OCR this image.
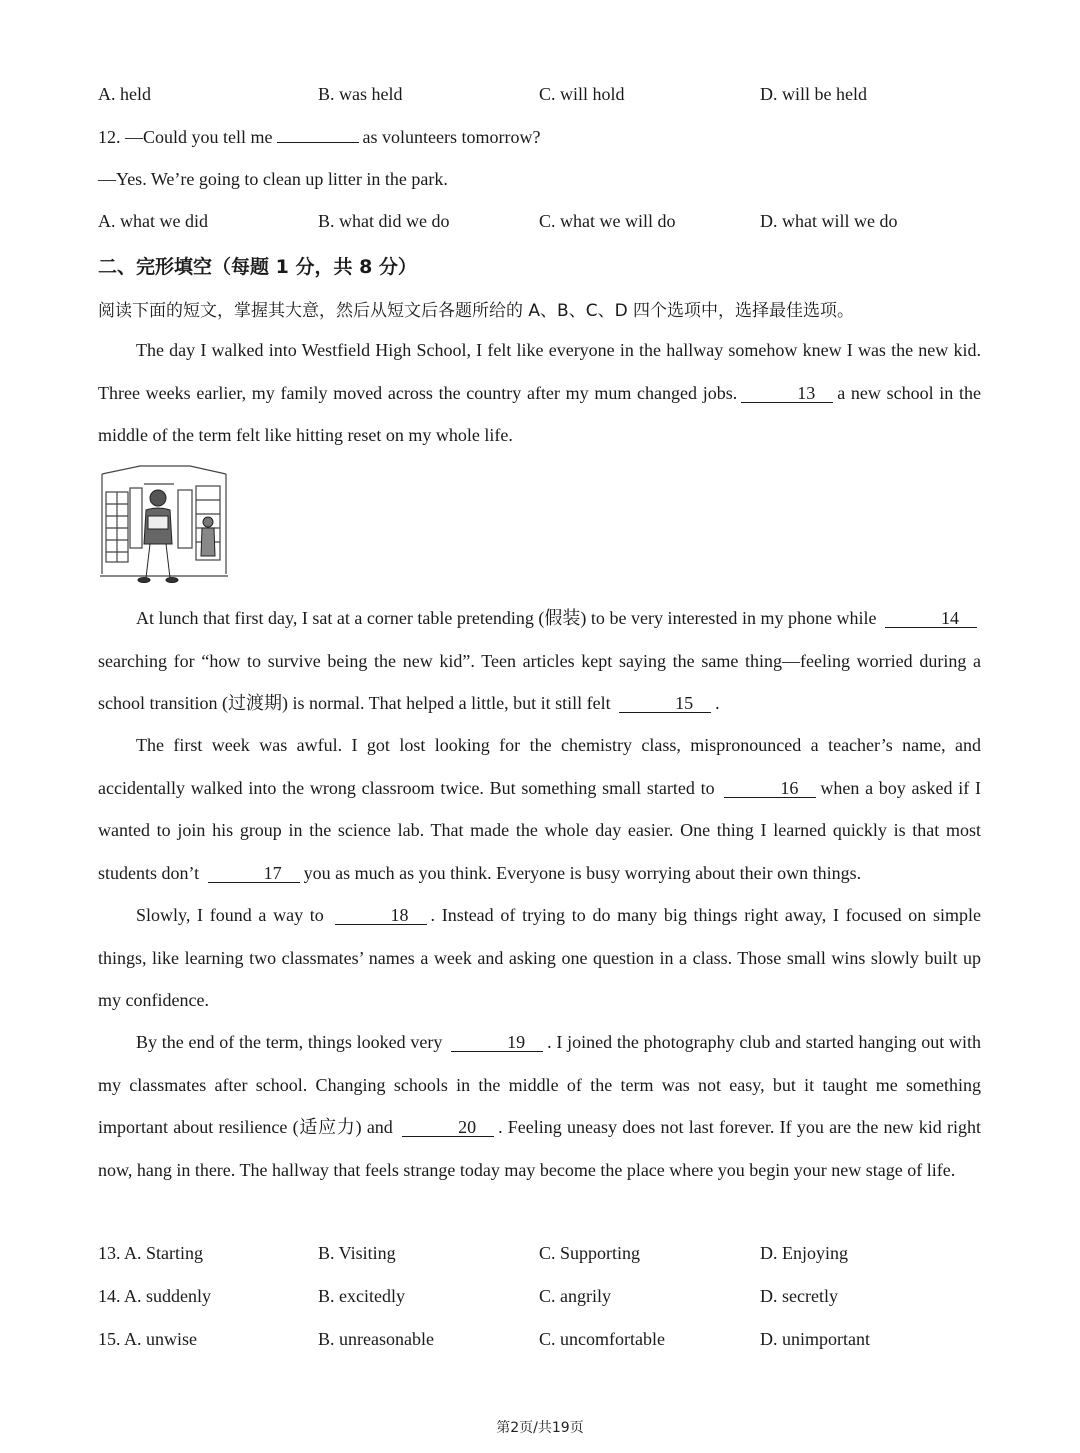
A. held	B. was held	C. will hold	D. will be held
12. —Could you tell me	as volunteers tomorrow?
—Yes. We’re going to clean up litter in the park.
A. what we did	B. what did we do	C. what we will do	D. what will we do
二、完形填空（每题 1 分，共 8 分）
阅读下面的短文，掌握其大意，然后从短文后各题所给的 A、B、C、D 四个选项中，选择最佳选项。

The day I walked into Westfield High School, I felt like everyone in the hallway somehow knew I was the new kid. Three weeks earlier, my family moved across the country after my mum changed jobs.	13 a new school in the middle of the term felt like hitting reset on my whole life.

At lunch that first day, I sat at a corner table pretending (假装) to be very interested in my phone while	14searching for “how to survive being the new kid”. Teen articles kept saying the same thing—feeling worried during a school transition (过渡期) is normal. That helped a little, but it still felt	15 .

The first week was awful. I got lost looking for the chemistry class, mispronounced a teacher’s name, and accidentally walked into the wrong classroom twice. But something small started to	16 when a boy asked if I wanted to join his group in the science lab. That made the whole day easier. One thing I learned quickly is that most students don’t	17 you as much as you think. Everyone is busy worrying about their own things.

Slowly, I found a way to	18 . Instead of trying to do many big things right away, I focused on simple things, like learning two classmates’ names a week and asking one question in a class. Those small wins slowly built up my confidence.

By the end of the term, things looked very	19 . I joined the photography club and started hanging out with my classmates after school. Changing schools in the middle of the term was not easy, but it taught me something important about resilience (适应力) and	20 . Feeling uneasy does not last forever. If you are the new kid right now, hang in there. The hallway that feels strange today may become the place where you begin your new stage of life.

13. A. Starting	B. Visiting	C. Supporting	D. Enjoying
14. A. suddenly	B. excitedly	C. angrily	D. secretly
15. A. unwise	B. unreasonable	C. uncomfortable	D. unimportant
第2页/共19页
